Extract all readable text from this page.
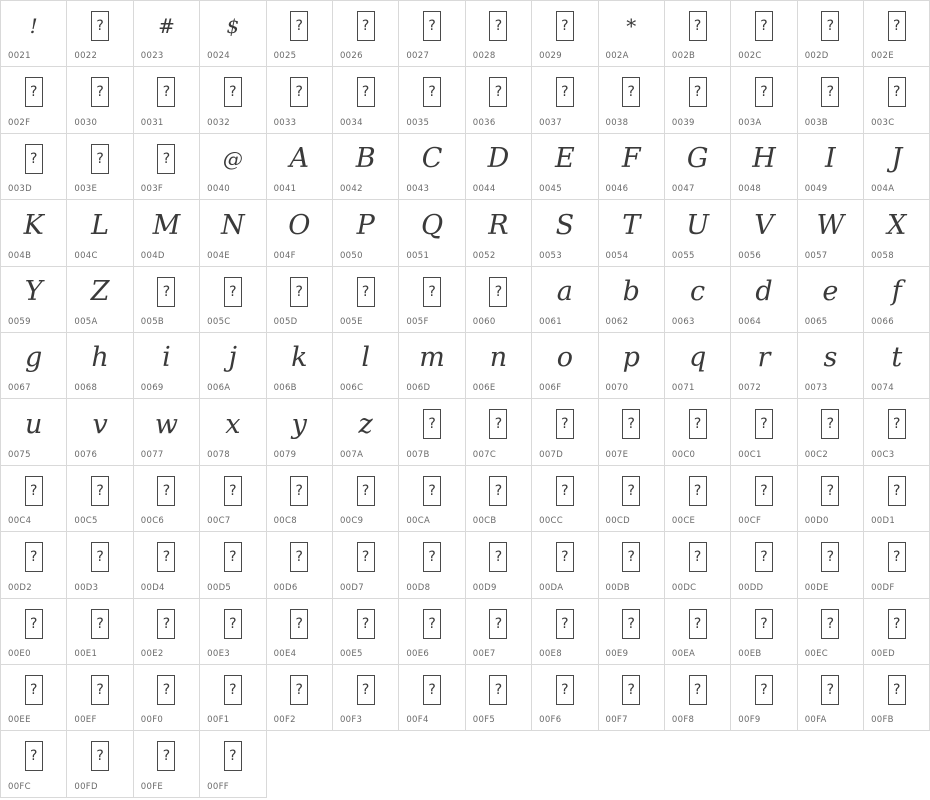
!
0021
?
0022
#
0023
$
0024
?
0025
?
0026
?
0027
?
0028
?
0029
*
002A
?
002B
?
002C
?
002D
?
002E
?
002F
?
0030
?
0031
?
0032
?
0033
?
0034
?
0035
?
0036
?
0037
?
0038
?
0039
?
003A
?
003B
?
003C
?
003D
?
003E
?
003F
@
0040
A
0041
B
0042
C
0043
D
0044
E
0045
F
0046
G
0047
H
0048
I
0049
J
004A
K
004B
L
004C
M
004D
N
004E
O
004F
P
0050
Q
0051
R
0052
S
0053
T
0054
U
0055
V
0056
W
0057
X
0058
Y
0059
Z
005A
?
005B
?
005C
?
005D
?
005E
?
005F
?
0060
a
0061
b
0062
c
0063
d
0064
e
0065
f
0066
g
0067
h
0068
i
0069
j
006A
k
006B
l
006C
m
006D
n
006E
o
006F
p
0070
q
0071
r
0072
s
0073
t
0074
u
0075
v
0076
w
0077
x
0078
y
0079
z
007A
?
007B
?
007C
?
007D
?
007E
?
00C0
?
00C1
?
00C2
?
00C3
?
00C4
?
00C5
?
00C6
?
00C7
?
00C8
?
00C9
?
00CA
?
00CB
?
00CC
?
00CD
?
00CE
?
00CF
?
00D0
?
00D1
?
00D2
?
00D3
?
00D4
?
00D5
?
00D6
?
00D7
?
00D8
?
00D9
?
00DA
?
00DB
?
00DC
?
00DD
?
00DE
?
00DF
?
00E0
?
00E1
?
00E2
?
00E3
?
00E4
?
00E5
?
00E6
?
00E7
?
00E8
?
00E9
?
00EA
?
00EB
?
00EC
?
00ED
?
00EE
?
00EF
?
00F0
?
00F1
?
00F2
?
00F3
?
00F4
?
00F5
?
00F6
?
00F7
?
00F8
?
00F9
?
00FA
?
00FB
?
00FC
?
00FD
?
00FE
?
00FF
